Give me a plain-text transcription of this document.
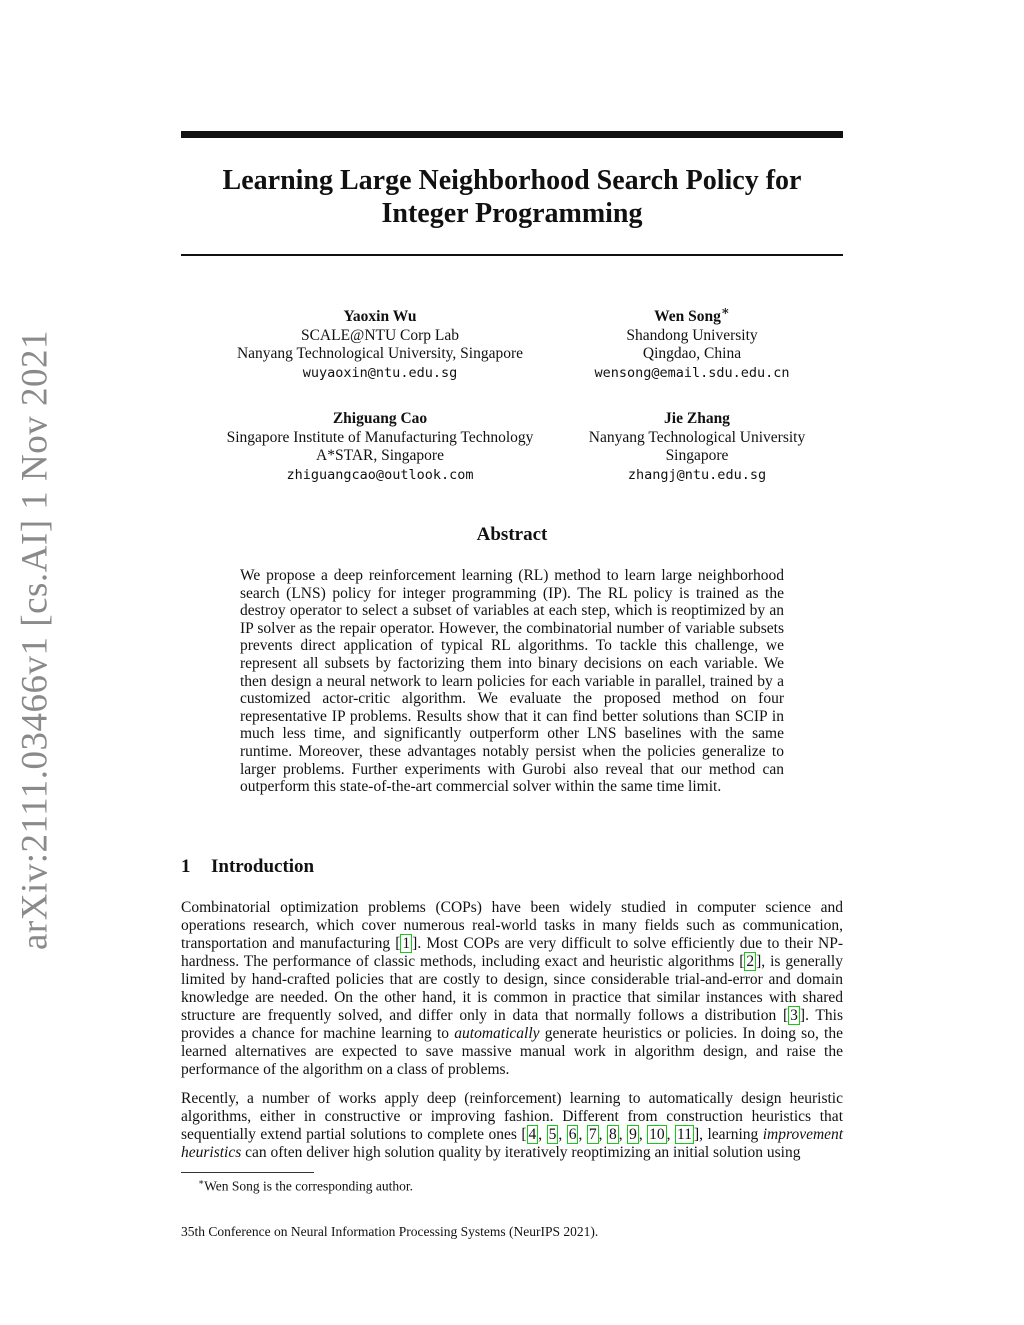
arXiv:2111.03466v1 [cs.AI] 1 Nov 2021
Learning Large Neighborhood Search Policy for
Integer Programming
Yaoxin Wu
SCALE@NTU Corp Lab
Nanyang Technological University, Singapore
wuyaoxin@ntu.edu.sg
Wen Song∗
Shandong University
Qingdao, China
wensong@email.sdu.edu.cn
Zhiguang Cao
Singapore Institute of Manufacturing Technology
A*STAR, Singapore
zhiguangcao@outlook.com
Jie Zhang
Nanyang Technological University
Singapore
zhangj@ntu.edu.sg
Abstract

We propose a deep reinforcement learning (RL) method to learn large neighborhood search (LNS) policy for integer programming (IP). The RL policy is trained as the destroy operator to select a subset of variables at each step, which is reoptimized by an IP solver as the repair operator. However, the combinatorial number of variable subsets prevents direct application of typical RL algorithms. To tackle this challenge, we represent all subsets by factorizing them into binary decisions on each variable. We then design a neural network to learn policies for each variable in parallel, trained by a customized actor-critic algorithm. We evaluate the proposed method on four representative IP problems. Results show that it can find better solutions than SCIP in much less time, and significantly outperform other LNS baselines with the same runtime. Moreover, these advantages notably persist when the policies generalize to larger problems. Further experiments with Gurobi also reveal that our method can outperform this state-of-the-art commercial solver within the same time limit.

1 Introduction

Combinatorial optimization problems (COPs) have been widely studied in computer science and operations research, which cover numerous real-world tasks in many fields such as communication, transportation and manufacturing [ 1 ]. Most COPs are very difficult to solve efficiently due to their NP-hardness. The performance of classic methods, including exact and heuristic algorithms [ 2 ], is generally limited by hand-crafted policies that are costly to design, since considerable trial-and-error and domain knowledge are needed. On the other hand, it is common in practice that similar instances with shared structure are frequently solved, and differ only in data that normally follows a distribution [ 3 ]. This provides a chance for machine learning to automatically generate heuristics or policies. In doing so, the learned alternatives are expected to save massive manual work in algorithm design, and raise the performance of the algorithm on a class of problems.

Recently, a number of works apply deep (reinforcement) learning to automatically design heuristic algorithms, either in constructive or improving fashion. Different from construction heuristics that sequentially extend partial solutions to complete ones [ 4 , 5 , 6 , 7 , 8 , 9 , 10 , 11 ], learning improvement heuristics can often deliver high solution quality by iteratively reoptimizing an initial solution using

∗Wen Song is the corresponding author.
35th Conference on Neural Information Processing Systems (NeurIPS 2021).
